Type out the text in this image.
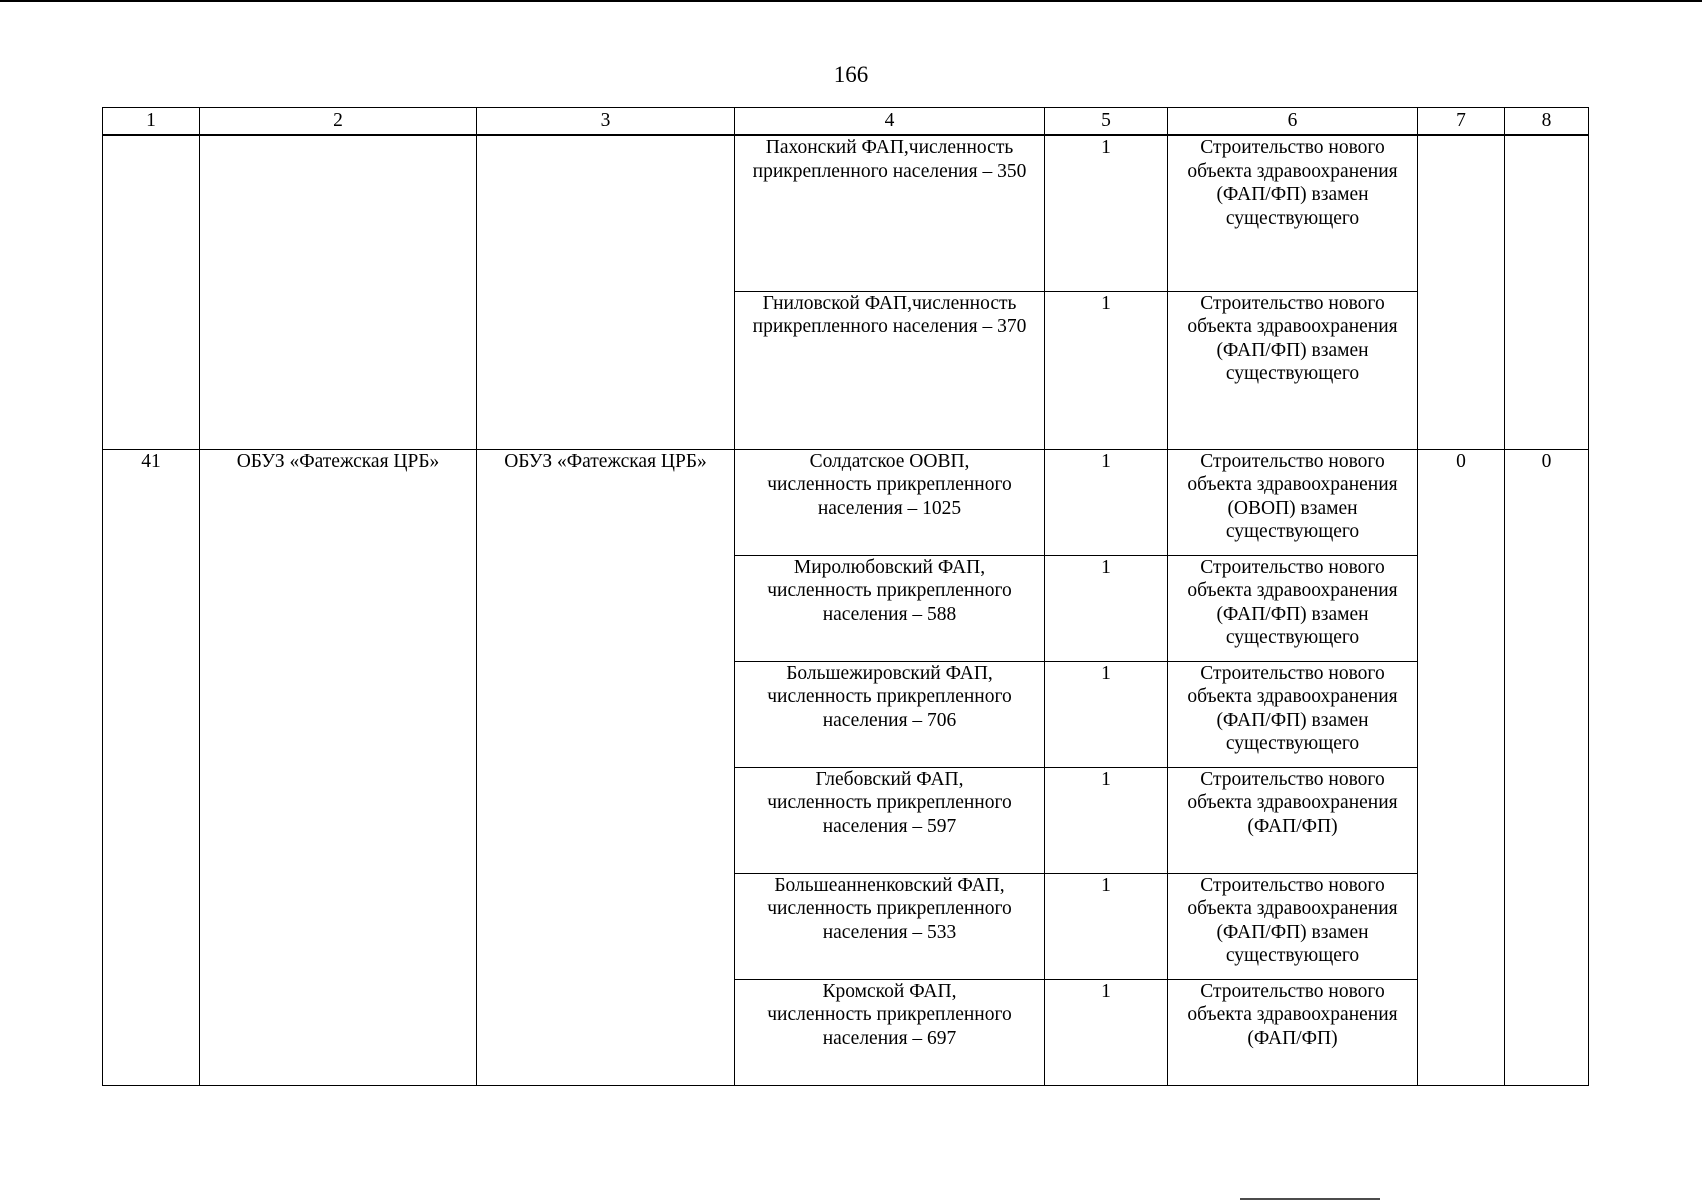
166
1	2	3	4	5	6	7	8

			Пахонский ФАП,численность
прикрепленного населения – 350	1	Строительство нового
объекта здравоохранения
(ФАП/ФП) взамен
существующего		

			Гниловской ФАП,численность
прикрепленного населения – 370	1	Строительство нового
объекта здравоохранения
(ФАП/ФП) взамен
существующего		

41	ОБУЗ «Фатежская ЦРБ»	ОБУЗ «Фатежская ЦРБ»	Солдатское ООВП,
численность прикрепленного
населения – 1025	1	Строительство нового
объекта здравоохранения
(ОВОП) взамен
существующего	0	0

			Миролюбовский ФАП,
численность прикрепленного
населения – 588	1	Строительство нового
объекта здравоохранения
(ФАП/ФП) взамен
существующего		

			Большежировский ФАП,
численность прикрепленного
населения – 706	1	Строительство нового
объекта здравоохранения
(ФАП/ФП) взамен
существующего		

			Глебовский ФАП,
численность прикрепленного
населения – 597	1	Строительство нового
объекта здравоохранения
(ФАП/ФП)		

			Большеанненковский ФАП,
численность прикрепленного
населения – 533	1	Строительство нового
объекта здравоохранения
(ФАП/ФП) взамен
существующего		

			Кромской ФАП,
численность прикрепленного
населения – 697	1	Строительство нового
объекта здравоохранения
(ФАП/ФП)		
